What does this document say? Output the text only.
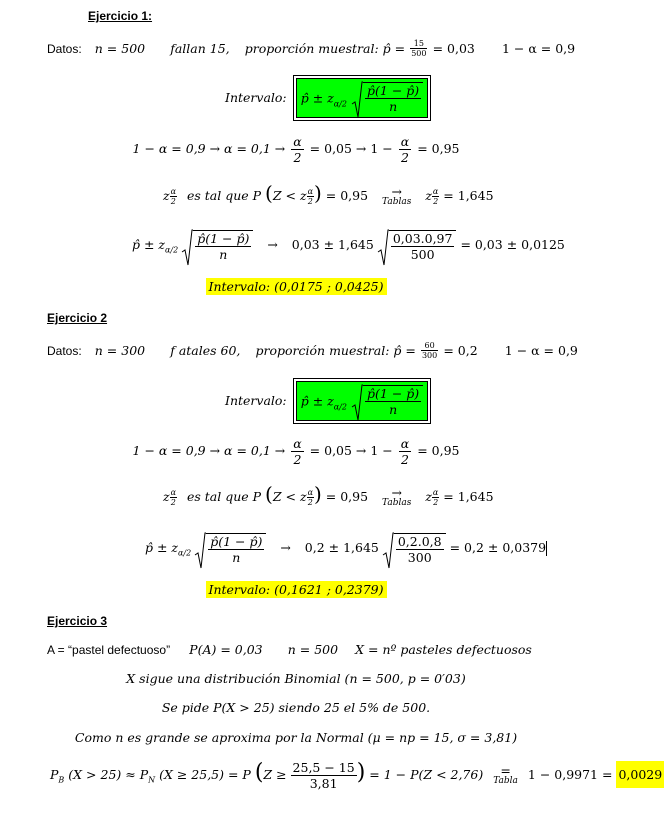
Ejercicio 1:
Datos: n = 500 fallan 15, proporción muestral: p̂ = $\frac{15}{500} = 0,03$ 1 − α = 0,9
Intervalo: p̂ ± $z_{\alpha/2} \frac{p̂(1 - p̂)}{n}$
$1 - \alpha = 0,9 \to \alpha = 0,1 \to \frac{\alpha}{2} = 0,05 \to 1 - \frac{\alpha}{2} = 0,95$
z $\frac{\alpha}{2}$ es tal que P (Z < z $\frac{\alpha}{2}$ ) = 0,95	→
Tablas z $\frac{\alpha}{2} = 1,645$
p̂ ± $z_{\alpha/2} \frac{p̂(1 - p̂)}{n} \to 0,03 \pm 1,645 \frac{0,03.0,97}{500} = 0,03 \pm 0,0125$
Intervalo: (0,0175 ; 0,0425)
Ejercicio 2
Datos: n = 300 f atales 60, proporción muestral: p̂ = $\frac{60}{300} = 0,2$ 1 − α = 0,9
Intervalo: p̂ ± $z_{\alpha/2} \frac{p̂(1 - p̂)}{n}$
$1 - \alpha = 0,9 \to \alpha = 0,1 \to \frac{\alpha}{2} = 0,05 \to 1 - \frac{\alpha}{2} = 0,95$
z $\frac{\alpha}{2}$ es tal que P (Z < z $\frac{\alpha}{2}$ ) = 0,95	→
Tablas z $\frac{\alpha}{2} = 1,645$
p̂ ± $z_{\alpha/2} \frac{p̂(1 - p̂)}{n} \to 0,2 \pm 1,645 \frac{0,2.0,8}{300} = 0,2 \pm 0,0379$
Intervalo: (0,1621 ; 0,2379)
Ejercicio 3
A = “pastel defectuoso” P(A) = 0,03 n = 500 X = nº pasteles defectuosos
X sigue una distribución Binomial (n = 500, p = 0′03)
Se pide P(X > 25) siendo 25 el 5% de 500.
Como n es grande se aproxima por la Normal (μ = np = 15, σ = 3,81)
$P_B$ $(X > 25) \approx P_N$ (X ≥ 25,5) = P ($Z \ge \frac{25,5 - 15}{3,81}$ ) = 1 − P(Z < 2,76)	=
Tabla 1 − 0,9971 = 0,0029
